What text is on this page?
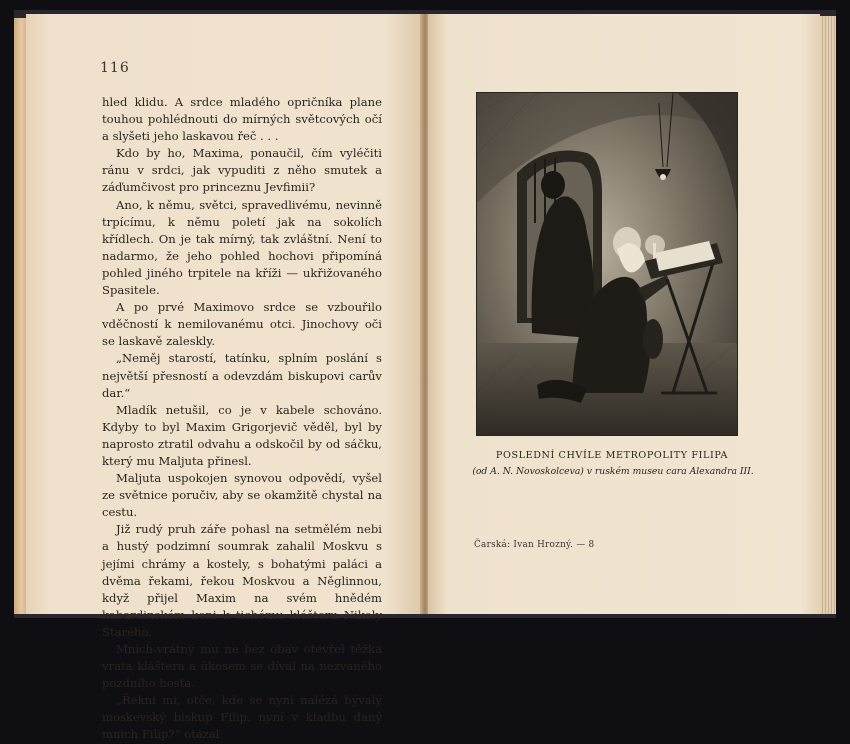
116

hled klidu. A srdce mladého opričníka plane touhou pohlédnouti do mírných světcových očí a slyšeti jeho laskavou řeč . . .

Kdo by ho, Maxima, ponaučil, čím vyléčiti ránu v srdci, jak vypuditi z něho smutek a záďumčivost pro princeznu Jevfimii?

Ano, k němu, světci, spravedlivému, nevinně trpícímu, k němu poletí jak na sokolích křídlech. On je tak mírný, tak zvláštní. Není to nadarmo, že jeho pohled hochovi připomíná pohled jiného trpitele na kříži — ukřižovaného Spasitele.

A po prvé Maximovo srdce se vzbouřilo vděčností k nemilovanému otci. Jinochovy oči se laskavě zaleskly.

„Neměj starostí, tatínku, splním poslání s největší přesností a odevzdám biskupovi carův dar.“

Mladík netušil, co je v kabele schováno. Kdyby to byl Maxim Grigorjevič věděl, byl by naprosto ztratil odvahu a odskočil by od sáčku, který mu Maljuta přinesl.

Maljuta uspokojen synovou odpovědí, vyšel ze světnice poručiv, aby se okamžitě chystal na cestu.

Již rudý pruh záře pohasl na setmělém nebi a hustý podzimní soumrak zahalil Moskvu s jejími chrámy a kostely, s bohatými paláci a dvěma řekami, řekou Moskvou a Něglinnou, když přijel Maxim na svém hnědém kabardinském koni k tichému klášteru Nikoly Starého.

Mnich-vrátný mu ne bez obav otevřel těžká vrata kláštera a úkosem se díval na nezvaného pozdního hosta.

„Řekni mi, otče, kde se nyní nalézá bývalý moskevský biskup Filip, nyní v kladbu daný mnich Filip?“ otázal

POSLEDNÍ CHVÍLE METROPOLITY FILIPA
(od A. N. Novoskolceva) v ruském museu cara Alexandra III.
Čarská: Ivan Hrozný. — 8
